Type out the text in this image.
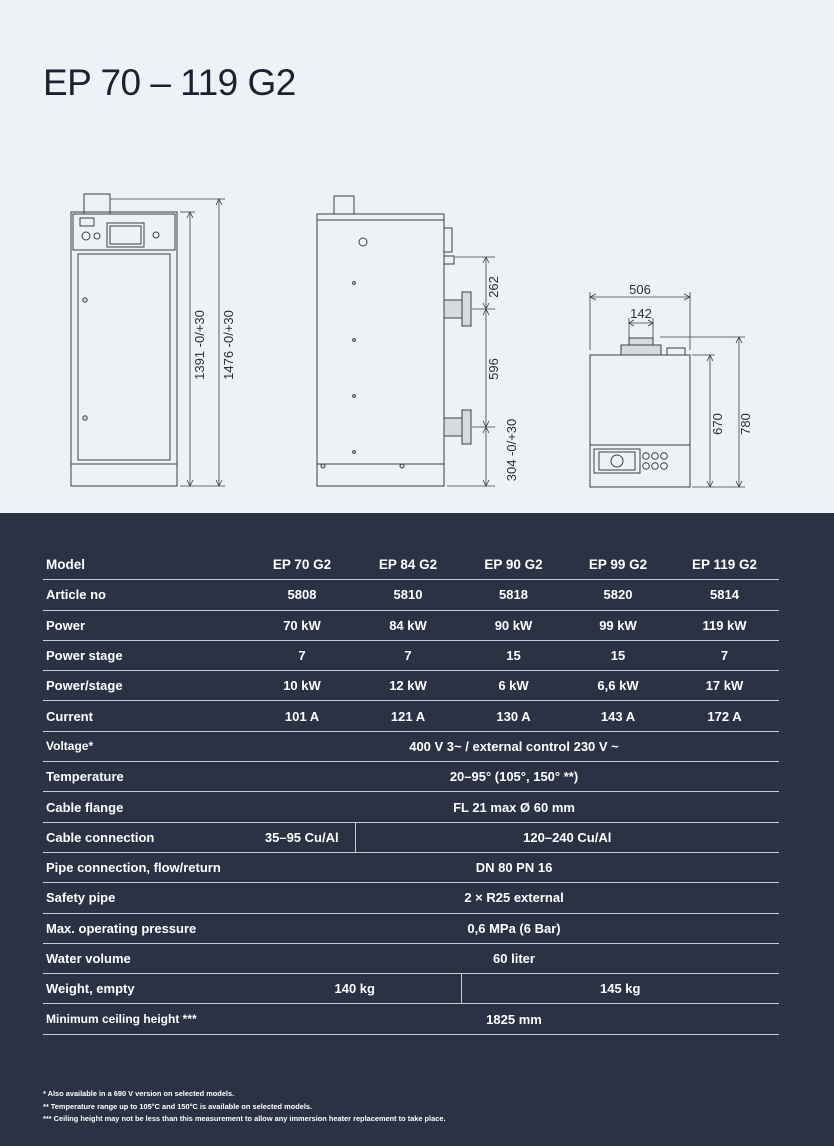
EP 70 – 119 G2
1391 -0/+30 1476 -0/+30
262
596
304 -0/+30
506
142
670 780
Model	EP 70 G2	EP 84 G2	EP 90 G2	EP 99 G2	EP 119 G2
Article no	5808	5810	5818	5820	5814
Power	70 kW	84 kW	90 kW	99 kW	119 kW
Power stage	7	7	15	15	7
Power/stage	10 kW	12 kW	6 kW	6,6 kW	17 kW
Current	101 A	121 A	130 A	143 A	172 A
Voltage*	400 V 3~ / external control 230 V ~				
Temperature	20–95° (105°, 150° **)				
Cable flange	FL 21 max Ø 60 mm				
Cable connection	35–95 Cu/Al	120–240 Cu/Al			
Pipe connection, flow/return	DN 80 PN 16				
Safety pipe	2 × R25 external				
Max. operating pressure	0,6 MPa (6 Bar)				
Water volume	60 liter				
Weight, empty	140 kg		145 kg		
Minimum ceiling height ***	1825 mm				
* Also available in a 690 V version on selected models.
** Temperature range up to 105°C and 150°C is available on selected models.
*** Ceiling height may not be less than this measurement to allow any immersion heater replacement to take place.
